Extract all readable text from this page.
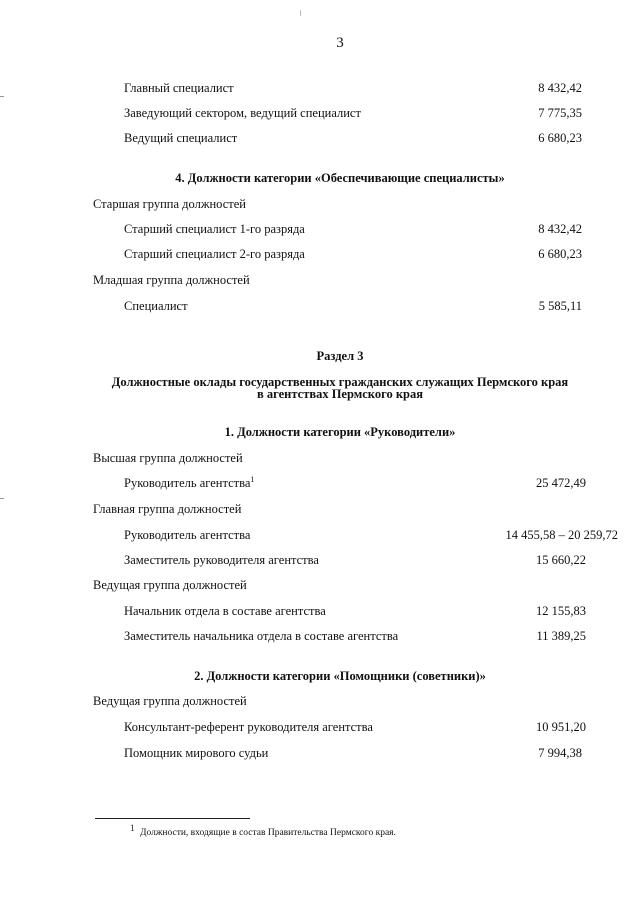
3
Главный специалист	8 432,42
Заведующий сектором, ведущий специалист	7 775,35
Ведущий специалист	6 680,23
4. Должности категории «Обеспечивающие специалисты»
Старшая группа должностей
Старший специалист 1-го разряда	8 432,42
Старший специалист 2-го разряда	6 680,23
Младшая группа должностей
Специалист	5 585,11
Раздел 3
Должностные оклады государственных гражданских служащих Пермского края
в агентствах Пермского края
1. Должности категории «Руководители»
Высшая группа должностей
Руководитель агентства$^1$	25 472,49
Главная группа должностей
Руководитель агентства	14 455,58 – 20 259,72
Заместитель руководителя агентства	15 660,22
Ведущая группа должностей
Начальник отдела в составе агентства	12 155,83
Заместитель начальника отдела в составе агентства	11 389,25
2. Должности категории «Помощники (советники)»
Ведущая группа должностей
Консультант-референт руководителя агентства	10 951,20
Помощник мирового судьи	7 994,38
1 Должности, входящие в состав Правительства Пермского края.
